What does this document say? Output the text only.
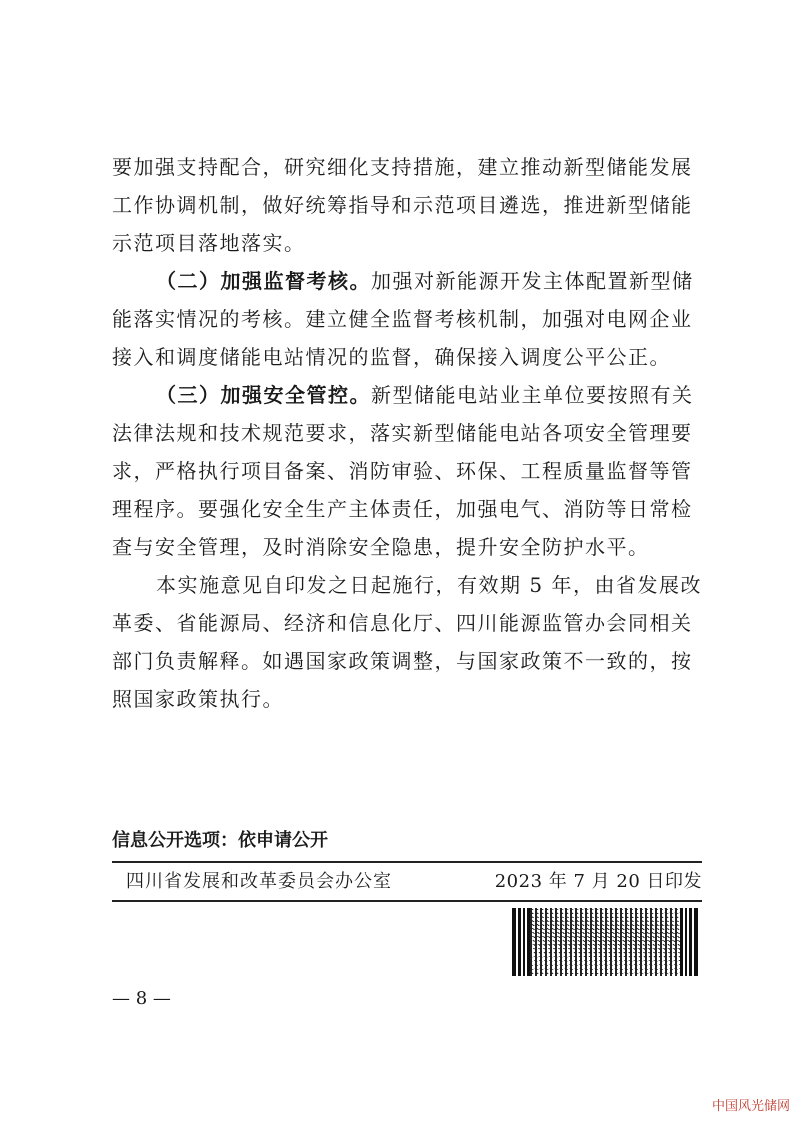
要加强支持配合，研究细化支持措施，建立推动新型储能发展工作协调机制，做好统筹指导和示范项目遴选，推进新型储能示范项目落地落实。

（二）加强监督考核。加强对新能源开发主体配置新型储能落实情况的考核。建立健全监督考核机制，加强对电网企业接入和调度储能电站情况的监督，确保接入调度公平公正。

（三）加强安全管控。新型储能电站业主单位要按照有关法律法规和技术规范要求，落实新型储能电站各项安全管理要求，严格执行项目备案、消防审验、环保、工程质量监督等管理程序。要强化安全生产主体责任，加强电气、消防等日常检查与安全管理，及时消除安全隐患，提升安全防护水平。

本实施意见自印发之日起施行，有效期 5 年，由省发展改革委、省能源局、经济和信息化厅、四川能源监管办会同相关部门负责解释。如遇国家政策调整，与国家政策不一致的，按照国家政策执行。

信息公开选项：依申请公开
四川省发展和改革委员会办公室	2023 年 7 月 20 日印发
— 8 —
中国风光储网
